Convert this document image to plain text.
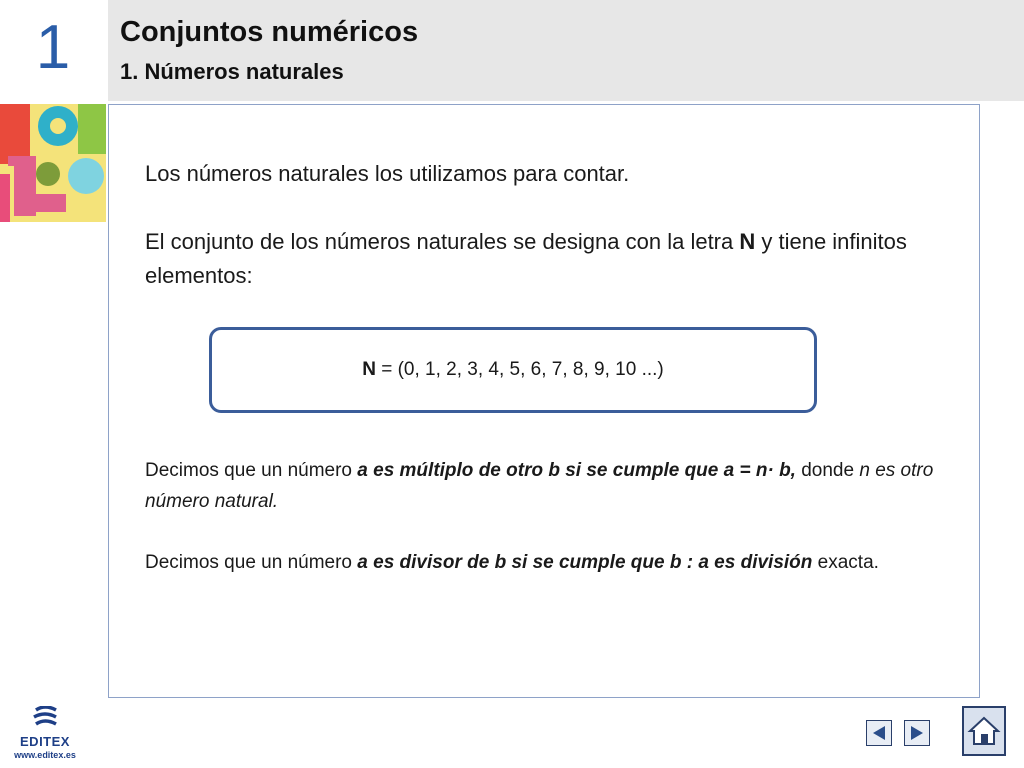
1 Conjuntos numéricos
1. Números naturales
Los números naturales los utilizamos para contar.
El conjunto de los números naturales se designa con la letra N y tiene infinitos elementos:
N = (0, 1, 2, 3, 4, 5, 6, 7, 8, 9, 10 ...)
Decimos que un número a es múltiplo de otro b si se cumple que a = n· b, donde n es otro número natural.
Decimos que un número a es divisor de b si se cumple que b : a es división exacta.
EDITEX
www.editex.es
